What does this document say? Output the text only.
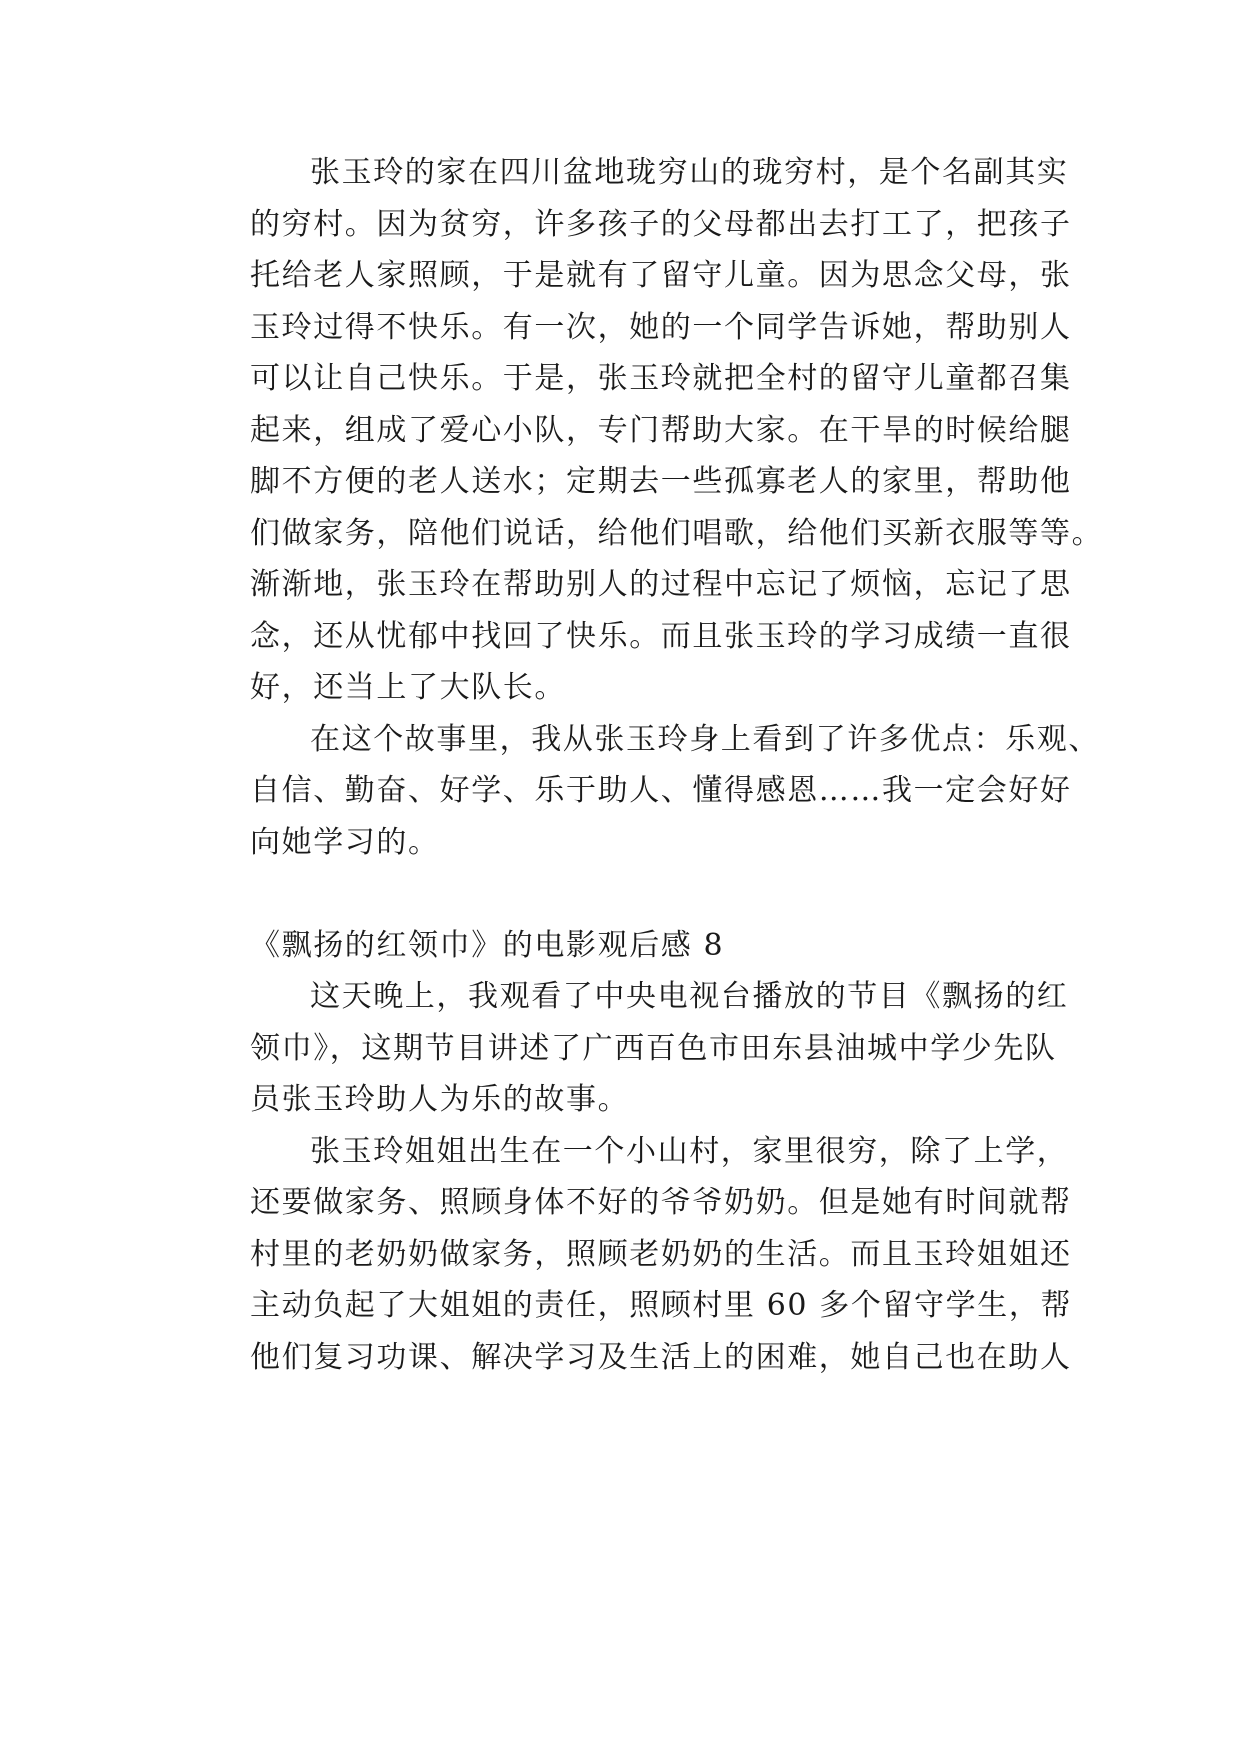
张玉玲的家在四川盆地珑穷山的珑穷村，是个名副其实
的穷村。因为贫穷，许多孩子的父母都出去打工了，把孩子
托给老人家照顾，于是就有了留守儿童。因为思念父母，张
玉玲过得不快乐。有一次，她的一个同学告诉她，帮助别人
可以让自己快乐。于是，张玉玲就把全村的留守儿童都召集
起来，组成了爱心小队，专门帮助大家。在干旱的时候给腿
脚不方便的老人送水；定期去一些孤寡老人的家里，帮助他
们做家务，陪他们说话，给他们唱歌，给他们买新衣服等等。
渐渐地，张玉玲在帮助别人的过程中忘记了烦恼，忘记了思
念，还从忧郁中找回了快乐。而且张玉玲的学习成绩一直很
好，还当上了大队长。
在这个故事里，我从张玉玲身上看到了许多优点：乐观、
自信、勤奋、好学、乐于助人、懂得感恩……我一定会好好
向她学习的。
《飘扬的红领巾》的电影观后感 8
这天晚上，我观看了中央电视台播放的节目《飘扬的红
领巾》，这期节目讲述了广西百色市田东县油城中学少先队
员张玉玲助人为乐的故事。
张玉玲姐姐出生在一个小山村，家里很穷，除了上学，
还要做家务、照顾身体不好的爷爷奶奶。但是她有时间就帮
村里的老奶奶做家务，照顾老奶奶的生活。而且玉玲姐姐还
主动负起了大姐姐的责任，照顾村里 60 多个留守学生，帮
他们复习功课、解决学习及生活上的困难，她自己也在助人
